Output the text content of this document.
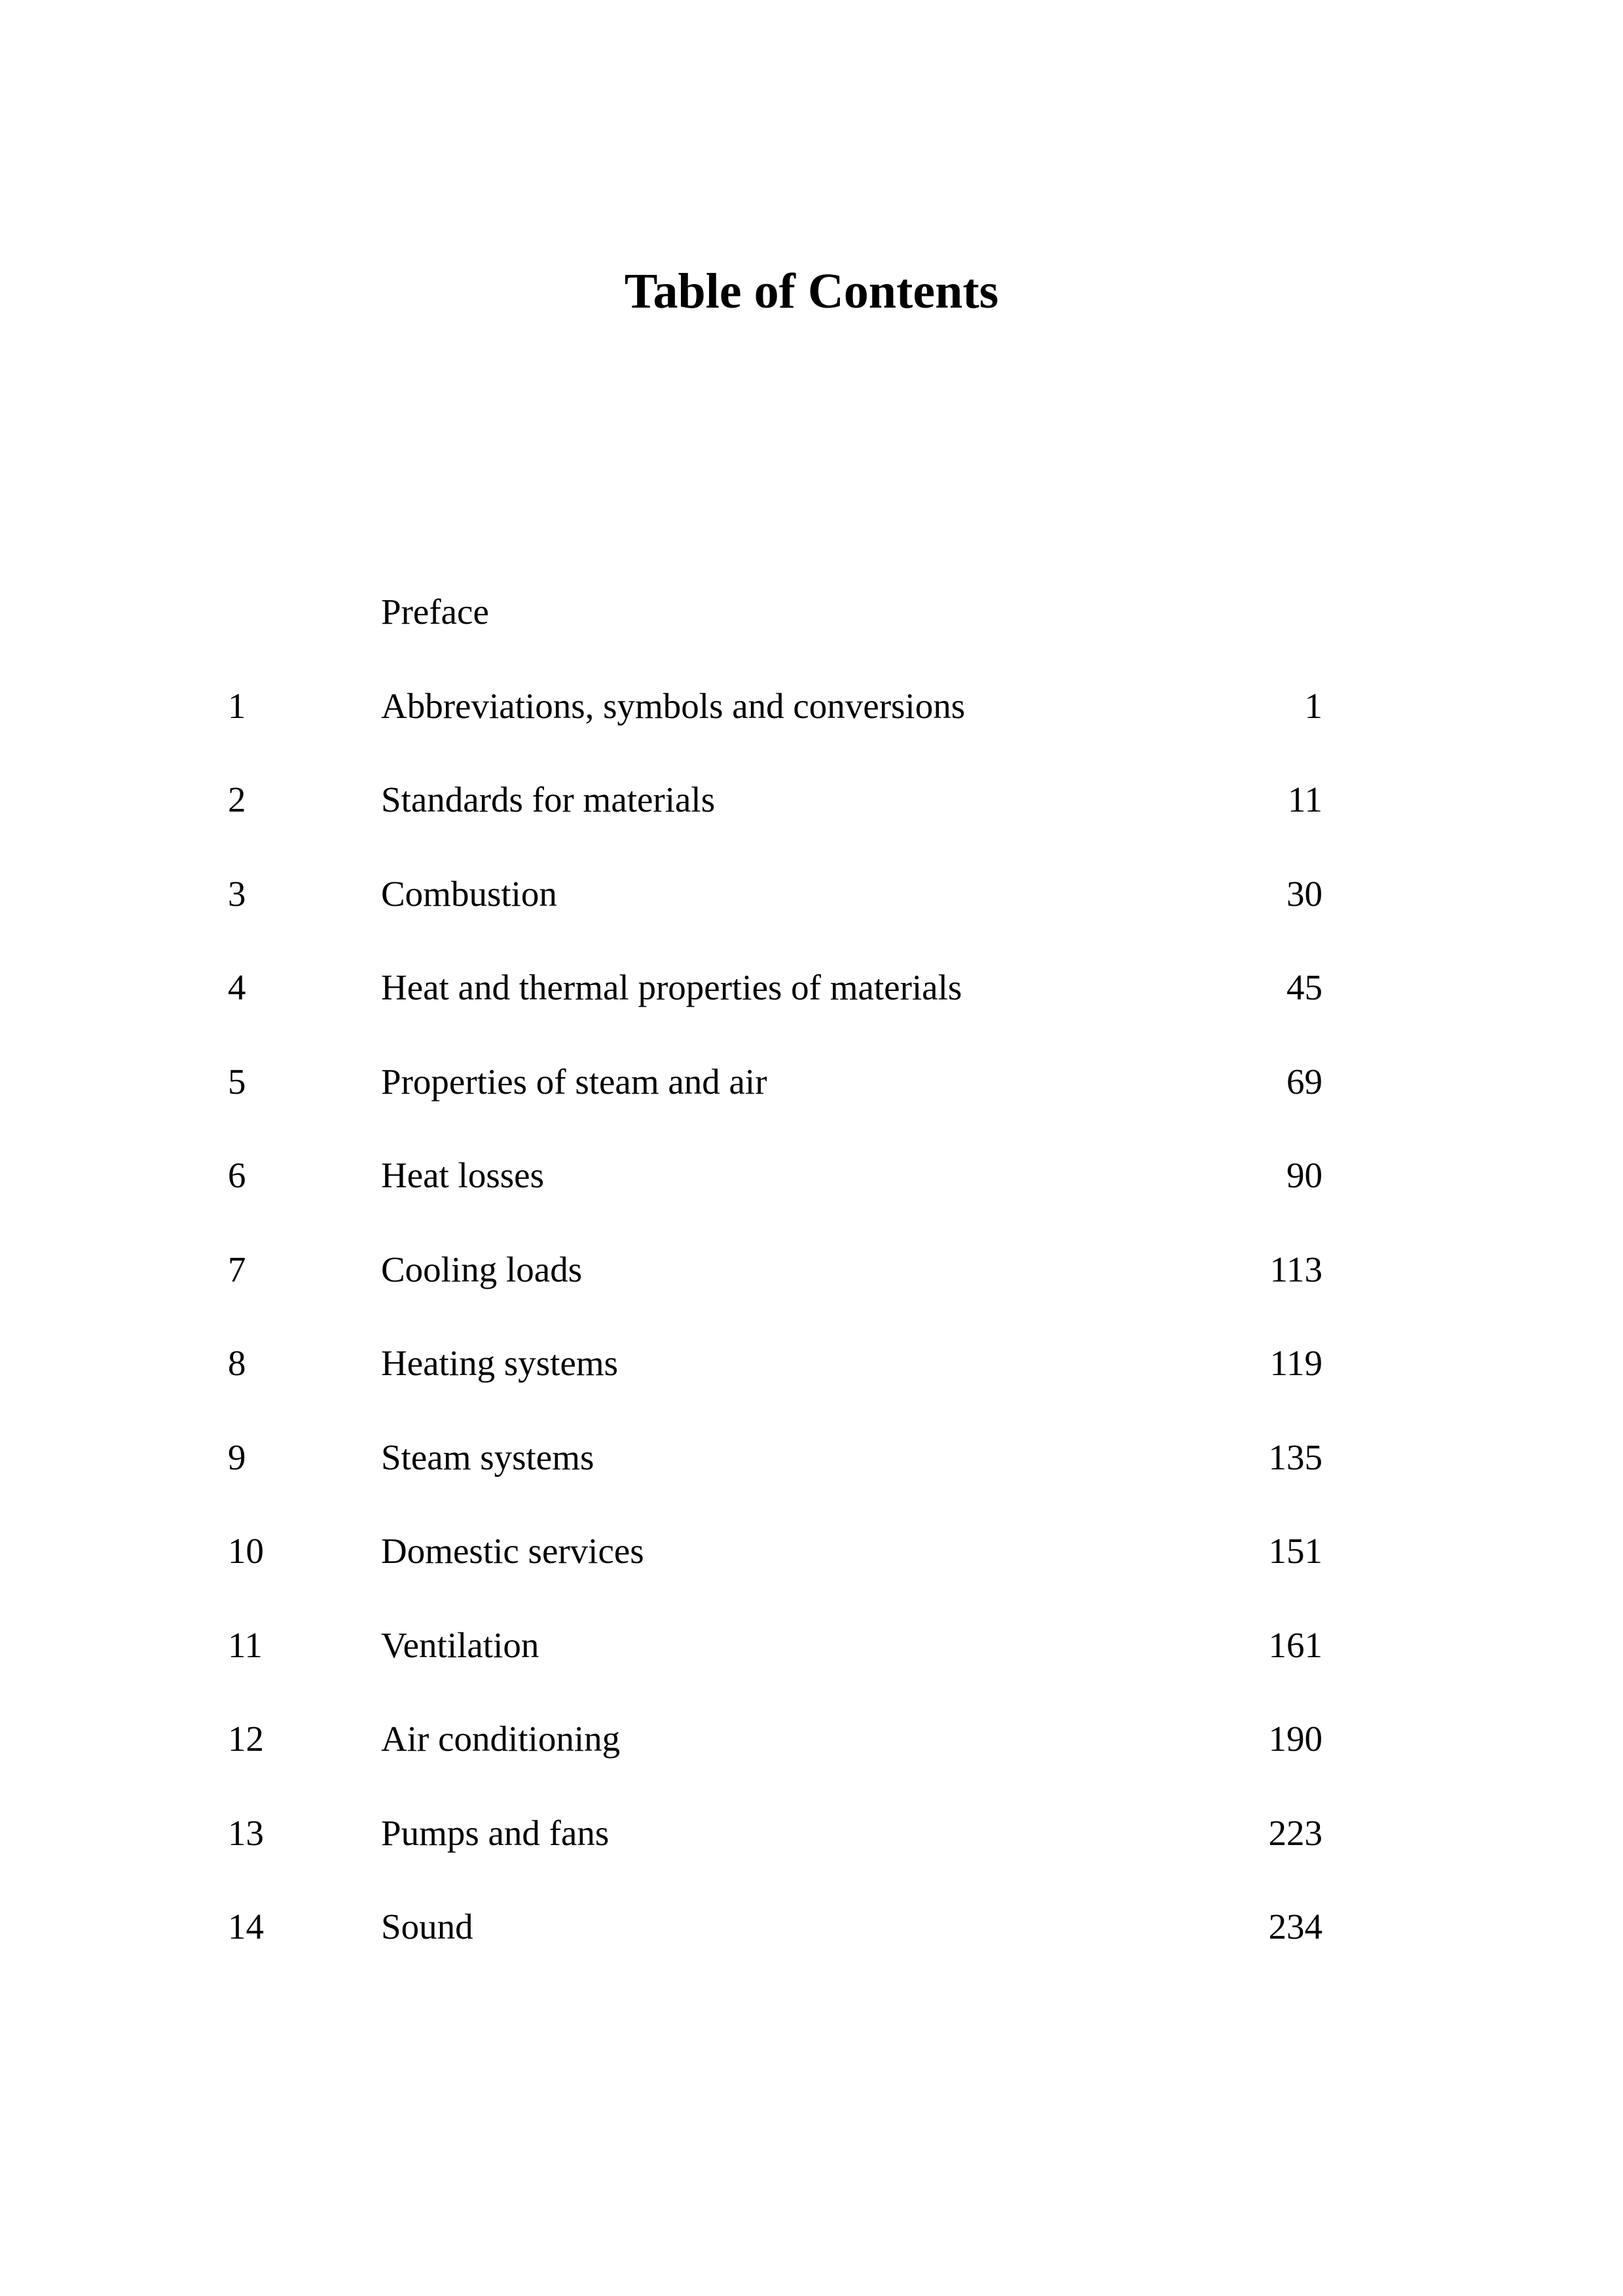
Table of Contents
Preface
1	Abbreviations, symbols and conversions	1
2	Standards for materials	11
3	Combustion	30
4	Heat and thermal properties of materials	45
5	Properties of steam and air	69
6	Heat losses	90
7	Cooling loads	113
8	Heating systems	119
9	Steam systems	135
10	Domestic services	151
11	Ventilation	161
12	Air conditioning	190
13	Pumps and fans	223
14	Sound	234
